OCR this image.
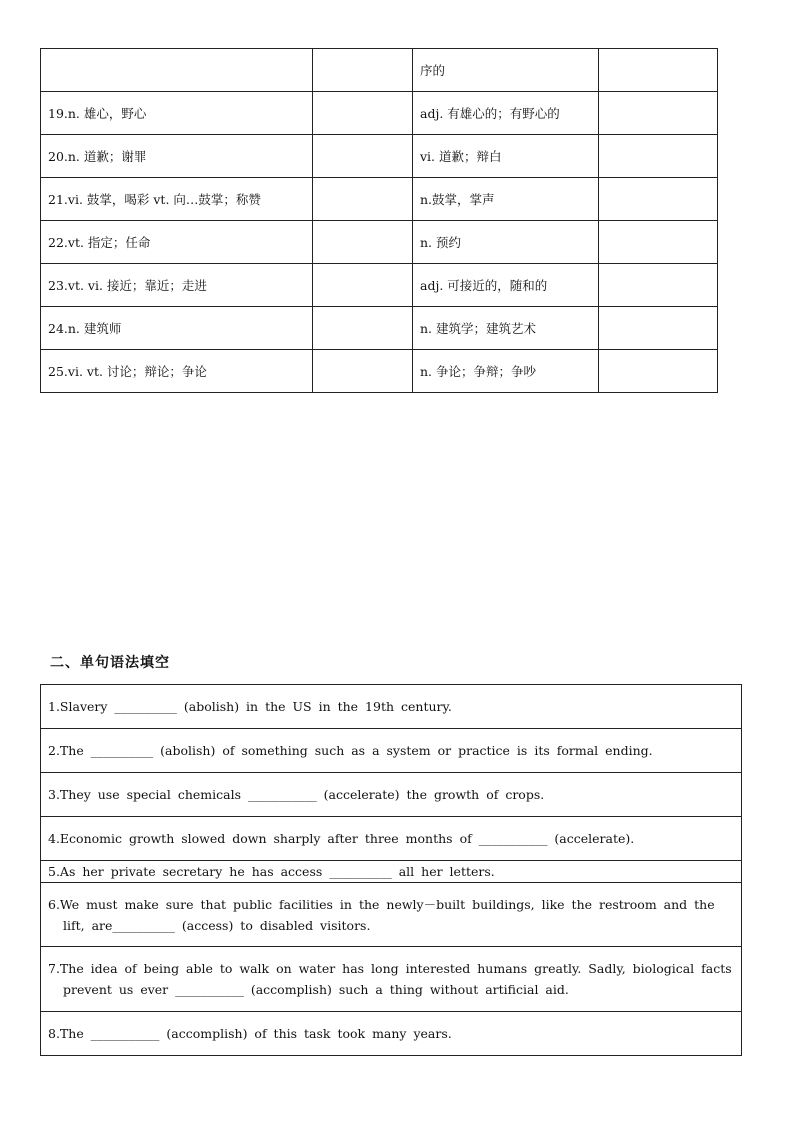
		序的	
19.n. 雄心，野心		adj. 有雄心的；有野心的	
20.n. 道歉；谢罪		vi. 道歉；辩白	
21.vi. 鼓掌，喝彩 vt. 向…鼓掌；称赞		n.鼓掌，掌声	
22.vt. 指定；任命		n. 预约	
23.vt. vi. 接近；靠近；走进		adj. 可接近的，随和的	
24.n. 建筑师		n. 建筑学；建筑艺术	
25.vi. vt. 讨论；辩论；争论		n. 争论；争辩；争吵	
二、单句语法填空
1.Slavery __________ (abolish) in the US in the 19th century.

2.The __________ (abolish) of something such as a system or practice is its formal ending.

3.They use special chemicals ___________ (accelerate) the growth of crops.

4.Economic growth slowed down sharply after three months of ___________ (accelerate).

5.As her private secretary he has access __________ all her letters.

6.We must make sure that public facilities in the newly－built buildings, like the restroom and the lift, are__________ (access) to disabled visitors.

7.The idea of being able to walk on water has long interested humans greatly. Sadly, biological facts prevent us ever ___________ (accomplish) such a thing without artificial aid.

8.The ___________ (accomplish) of this task took many years.
